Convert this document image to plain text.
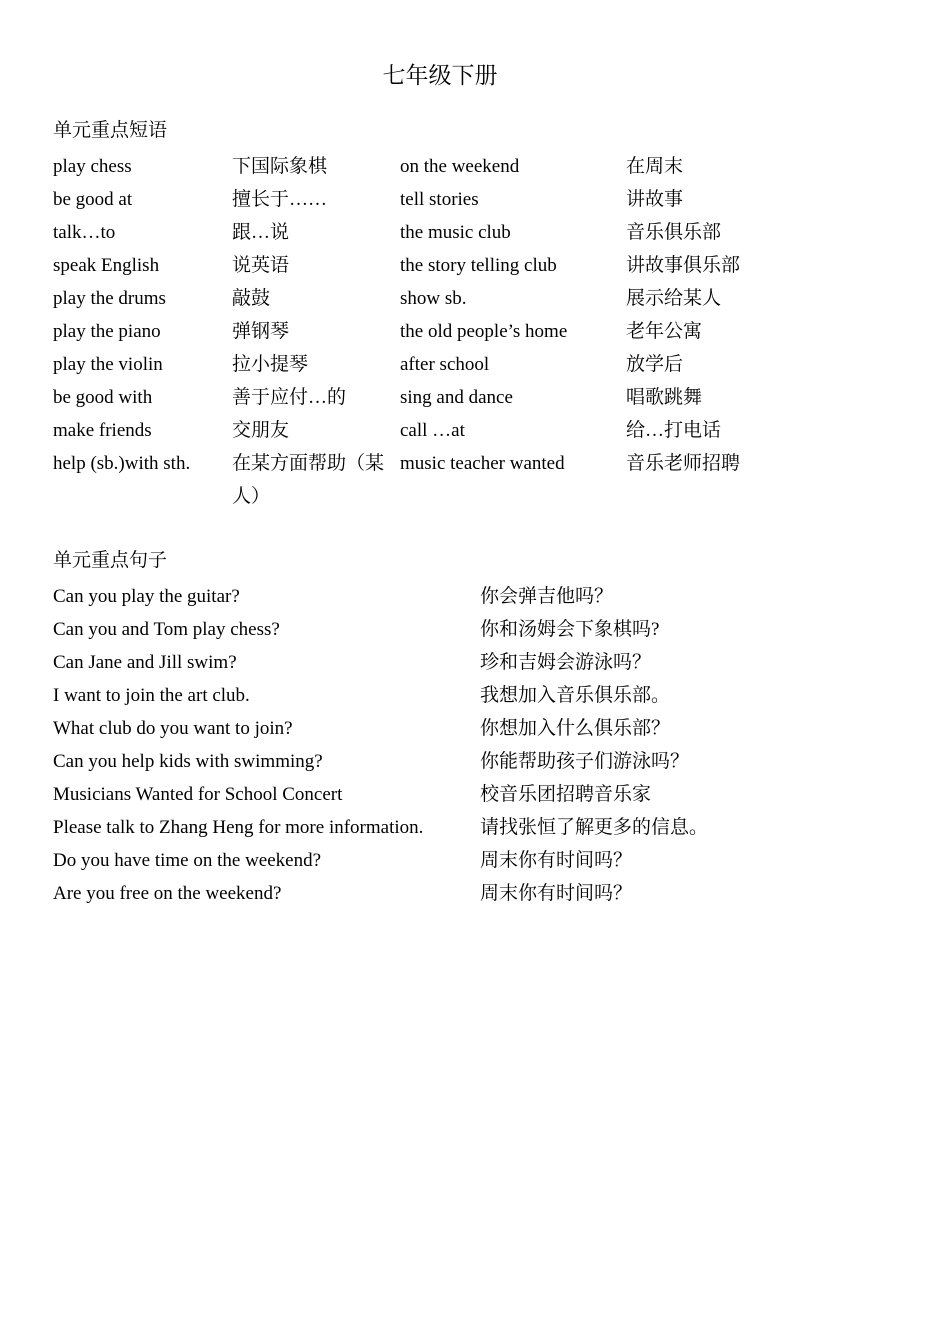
七年级下册
单元重点短语
play chess	下国际象棋	on the weekend	在周末
be good at	擅长于……	tell stories	讲故事
talk…to	跟…说	the music club	音乐俱乐部
speak English	说英语	the story telling club	讲故事俱乐部
play the drums	敲鼓	show sb.	展示给某人
play the piano	弹钢琴	the old people’s home	老年公寓
play the violin	拉小提琴	after school	放学后
be good with	善于应付…的	sing and dance	唱歌跳舞
make friends	交朋友	call …at	给…打电话
help (sb.)with sth.	在某方面帮助（某人）	music teacher wanted	音乐老师招聘
单元重点句子
Can you play the guitar?	你会弹吉他吗？
Can you and Tom play chess?	你和汤姆会下象棋吗?
Can Jane and Jill swim?	珍和吉姆会游泳吗？
I want to join the art club.	我想加入音乐俱乐部。
What club do you want to join?	你想加入什么俱乐部？
Can you help kids with swimming?	你能帮助孩子们游泳吗？
Musicians Wanted for School Concert	校音乐团招聘音乐家
Please talk to Zhang Heng for more information.	请找张恒了解更多的信息。
Do you have time on the weekend?	周末你有时间吗？
Are you free on the weekend?	周末你有时间吗？
